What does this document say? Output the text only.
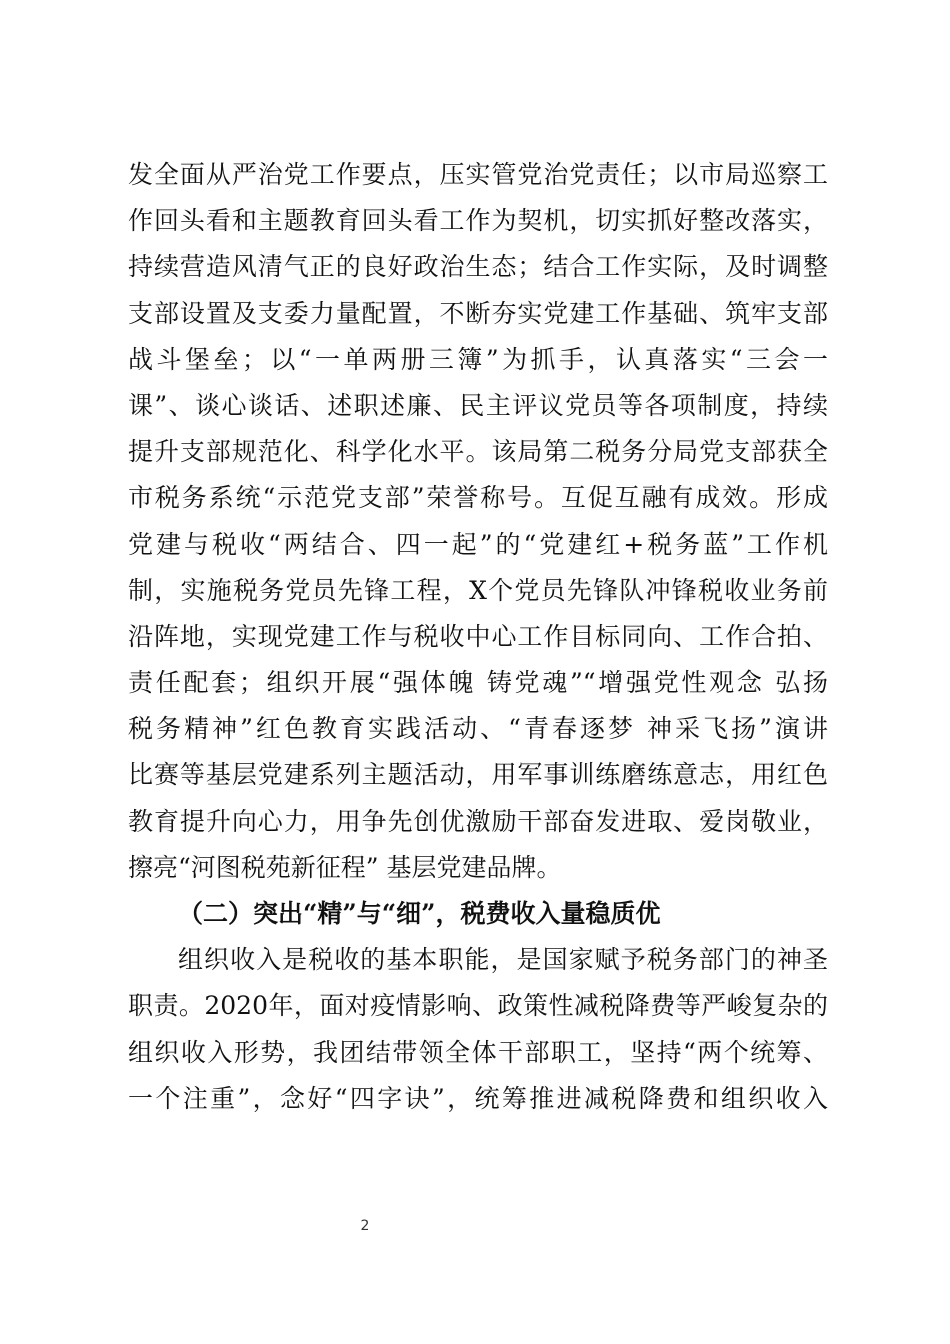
发全面从严治党工作要点，压实管党治党责任；以市局巡察工
作回头看和主题教育回头看工作为契机，切实抓好整改落实，
持续营造风清气正的良好政治生态；结合工作实际，及时调整
支部设置及支委力量配置，不断夯实党建工作基础、筑牢支部
战斗堡垒；以“一单两册三簿”为抓手，认真落实“三会一
课”、谈心谈话、述职述廉、民主评议党员等各项制度，持续
提升支部规范化、科学化水平。该局第二税务分局党支部获全
市税务系统“示范党支部”荣誉称号。互促互融有成效。形成
党建与税收“两结合、四一起”的“党建红+税务蓝”工作机
制，实施税务党员先锋工程，X个党员先锋队冲锋税收业务前
沿阵地，实现党建工作与税收中心工作目标同向、工作合拍、
责任配套；组织开展“强体魄 铸党魂”“增强党性观念 弘扬
税务精神”红色教育实践活动、“青春逐梦 神采飞扬”演讲
比赛等基层党建系列主题活动，用军事训练磨练意志，用红色
教育提升向心力，用争先创优激励干部奋发进取、爱岗敬业，
擦亮“河图税苑新征程” 基层党建品牌。
（二）突出“精”与“细”，税费收入量稳质优
组织收入是税收的基本职能，是国家赋予税务部门的神圣
职责。2020年，面对疫情影响、政策性减税降费等严峻复杂的
组织收入形势，我团结带领全体干部职工，坚持“两个统筹、
一个注重”，念好“四字诀”，统筹推进减税降费和组织收入
2
